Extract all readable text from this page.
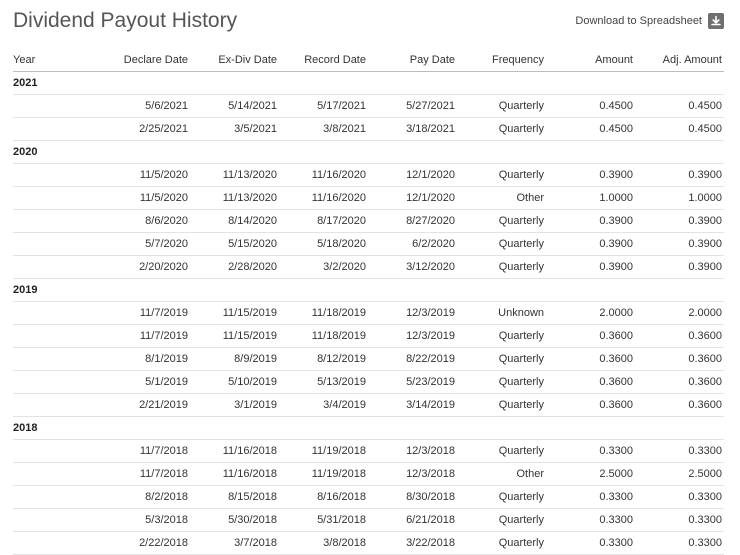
Dividend Payout History	Download to Spreadsheet
Year	Declare Date	Ex-Div Date	Record Date	Pay Date	Frequency	Amount	Adj. Amount
2021							
	5/6/2021	5/14/2021	5/17/2021	5/27/2021	Quarterly	0.4500	0.4500
	2/25/2021	3/5/2021	3/8/2021	3/18/2021	Quarterly	0.4500	0.4500
2020							
	11/5/2020	11/13/2020	11/16/2020	12/1/2020	Quarterly	0.3900	0.3900
	11/5/2020	11/13/2020	11/16/2020	12/1/2020	Other	1.0000	1.0000
	8/6/2020	8/14/2020	8/17/2020	8/27/2020	Quarterly	0.3900	0.3900
	5/7/2020	5/15/2020	5/18/2020	6/2/2020	Quarterly	0.3900	0.3900
	2/20/2020	2/28/2020	3/2/2020	3/12/2020	Quarterly	0.3900	0.3900
2019							
	11/7/2019	11/15/2019	11/18/2019	12/3/2019	Unknown	2.0000	2.0000
	11/7/2019	11/15/2019	11/18/2019	12/3/2019	Quarterly	0.3600	0.3600
	8/1/2019	8/9/2019	8/12/2019	8/22/2019	Quarterly	0.3600	0.3600
	5/1/2019	5/10/2019	5/13/2019	5/23/2019	Quarterly	0.3600	0.3600
	2/21/2019	3/1/2019	3/4/2019	3/14/2019	Quarterly	0.3600	0.3600
2018							
	11/7/2018	11/16/2018	11/19/2018	12/3/2018	Quarterly	0.3300	0.3300
	11/7/2018	11/16/2018	11/19/2018	12/3/2018	Other	2.5000	2.5000
	8/2/2018	8/15/2018	8/16/2018	8/30/2018	Quarterly	0.3300	0.3300
	5/3/2018	5/30/2018	5/31/2018	6/21/2018	Quarterly	0.3300	0.3300
	2/22/2018	3/7/2018	3/8/2018	3/22/2018	Quarterly	0.3300	0.3300
